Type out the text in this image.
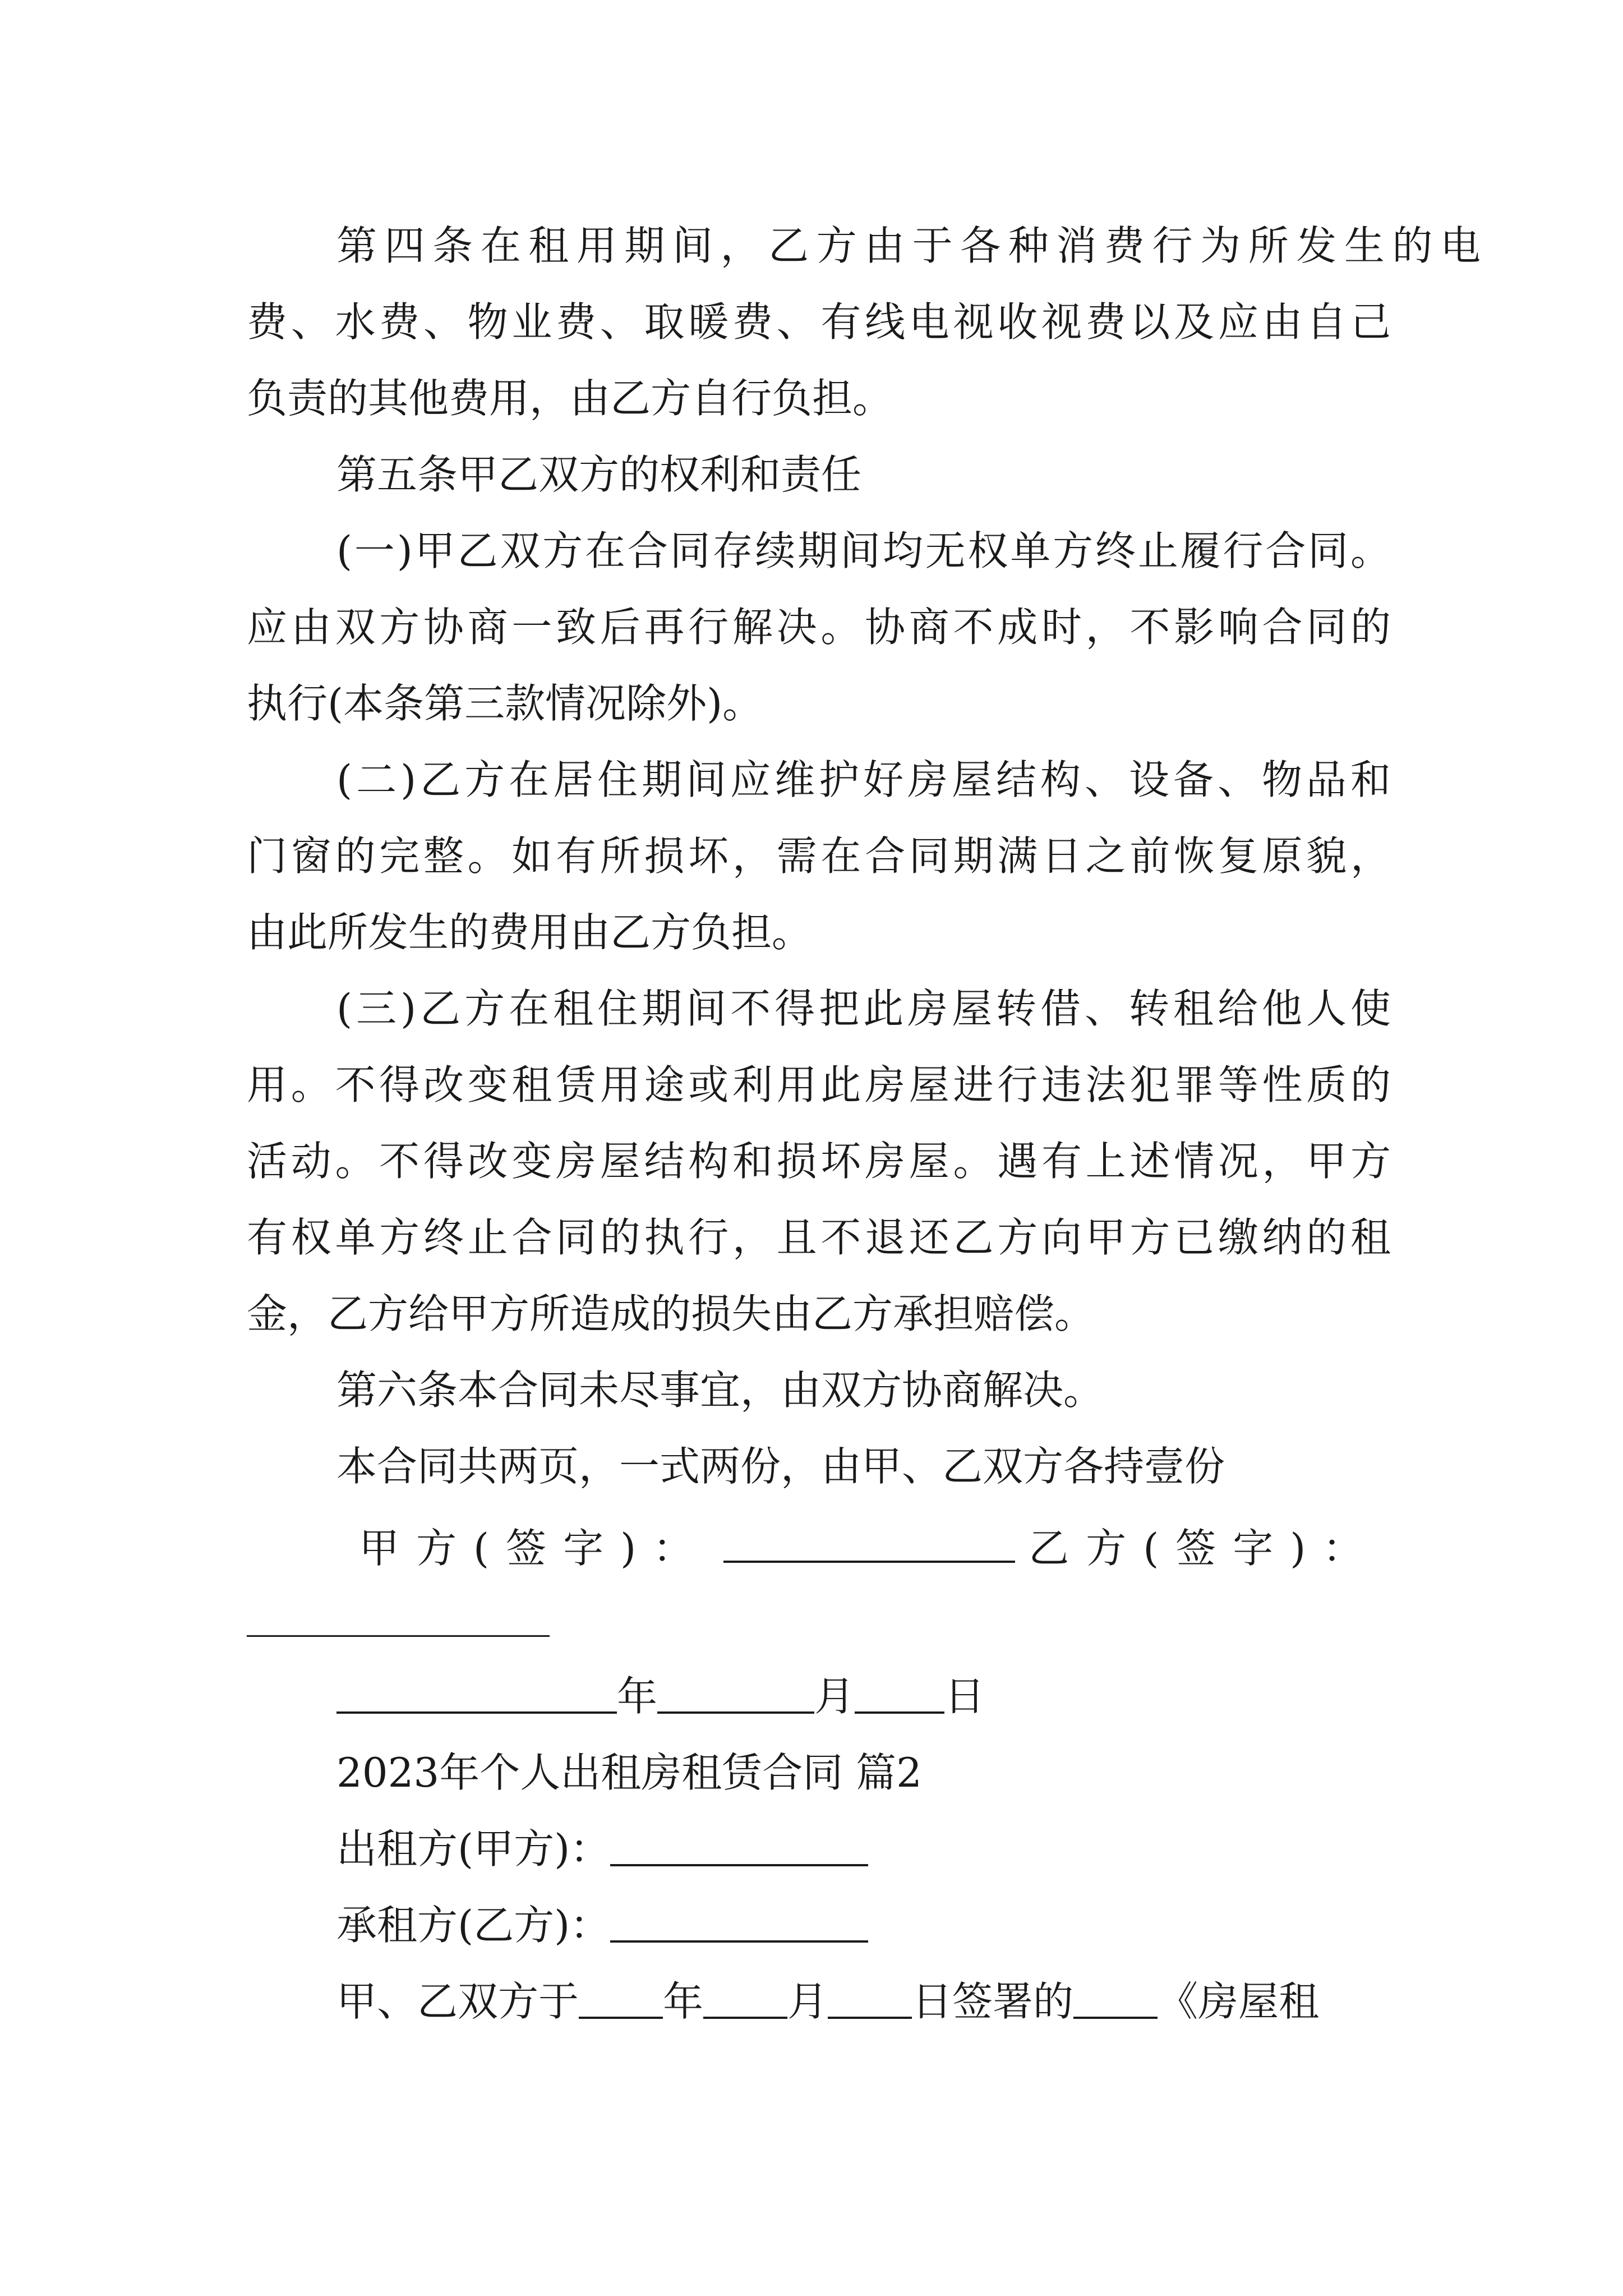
第四条在租用期间，乙方由于各种消费行为所发生的电

费、水费、物业费、取暖费、有线电视收视费以及应由自己

负责的其他费用，由乙方自行负担。

第五条甲乙双方的权利和责任

(一)甲乙双方在合同存续期间均无权单方终止履行合同。

应由双方协商一致后再行解决。协商不成时，不影响合同的

执行(本条第三款情况除外)。

(二)乙方在居住期间应维护好房屋结构、设备、物品和

门窗的完整。如有所损坏，需在合同期满日之前恢复原貌，

由此所发生的费用由乙方负担。

(三)乙方在租住期间不得把此房屋转借、转租给他人使

用。不得改变租赁用途或利用此房屋进行违法犯罪等性质的

活动。不得改变房屋结构和损坏房屋。遇有上述情况，甲方

有权单方终止合同的执行，且不退还乙方向甲方已缴纳的租

金，乙方给甲方所造成的损失由乙方承担赔偿。

第六条本合同未尽事宜，由双方协商解决。

本合同共两页，一式两份，由甲、乙双方各持壹份

甲方(签字)：	乙方(签字)：

年	月 日

2023年个人出租房租赁合同 篇2

出租方(甲方)：

承租方(乙方)：

甲、乙双方于 年 月 日签署的 《房屋租
